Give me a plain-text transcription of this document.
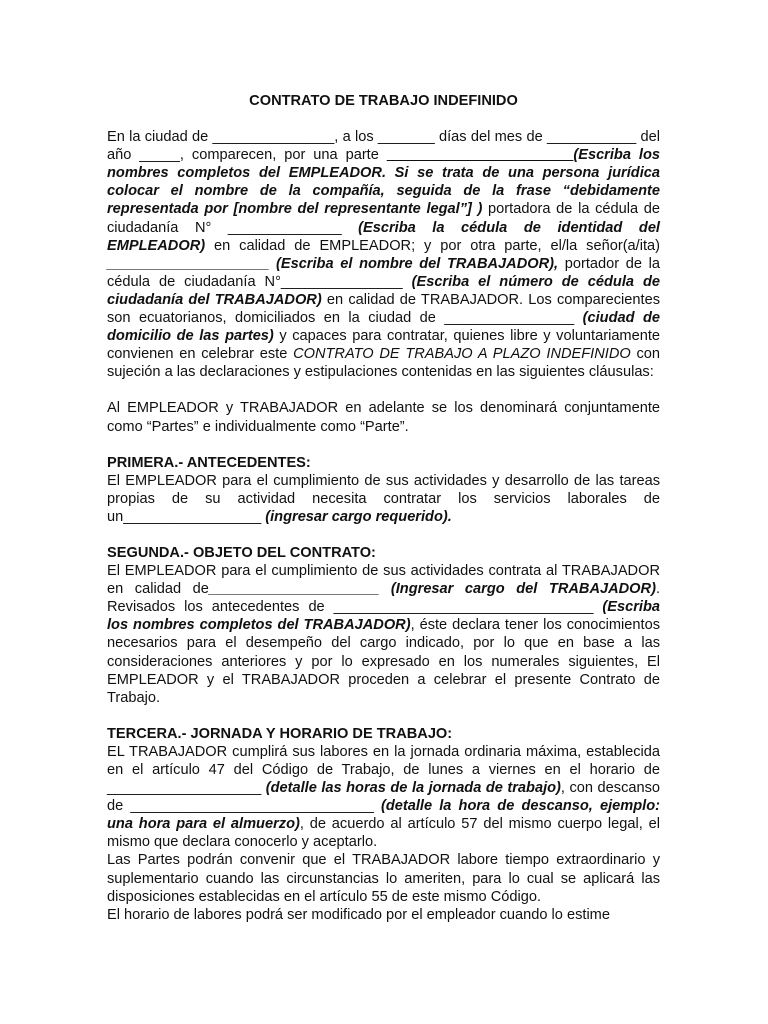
CONTRATO DE TRABAJO INDEFINIDO

En la ciudad de _______________, a los _______ días del mes de ___________ del año _____, comparecen, por una parte ______________________ (Escriba los nombres completos del EMPLEADOR. Si se trata de una persona jurídica colocar el nombre de la compañía, seguida de la frase “debidamente representada por [nombre del representante legal”] ) portadora de la cédula de ciudadanía N° ______________ (Escriba la cédula de identidad del EMPLEADOR) en calidad de EMPLEADOR; y por otra parte, el/la señor(a/ita) ____________________ (Escriba el nombre del TRABAJADOR), portador de la cédula de ciudadanía N°_______________ (Escriba el número de cédula de ciudadanía del TRABAJADOR) en calidad de TRABAJADOR. Los comparecientes son ecuatorianos, domiciliados en la ciudad de ________________ (ciudad de domicilio de las partes) y capaces para contratar, quienes libre y voluntariamente convienen en celebrar este CONTRATO DE TRABAJO A PLAZO INDEFINIDO con sujeción a las declaraciones y estipulaciones contenidas en las siguientes cláusulas:

Al EMPLEADOR y TRABAJADOR en adelante se los denominará conjuntamente como “Partes” e individualmente como “Parte”.

PRIMERA.- ANTECEDENTES:

El EMPLEADOR para el cumplimiento de sus actividades y desarrollo de las tareas propias de su actividad necesita contratar los servicios laborales de un_________________ (ingresar cargo requerido).

SEGUNDA.- OBJETO DEL CONTRATO:

El EMPLEADOR para el cumplimiento de sus actividades contrata al TRABAJADOR en calidad de_____________________ (Ingresar cargo del TRABAJADOR). Revisados los antecedentes de ________________________________ (Escriba los nombres completos del TRABAJADOR), éste declara tener los conocimientos necesarios para el desempeño del cargo indicado, por lo que en base a las consideraciones anteriores y por lo expresado en los numerales siguientes, El EMPLEADOR y el TRABAJADOR proceden a celebrar el presente Contrato de Trabajo.

TERCERA.- JORNADA Y HORARIO DE TRABAJO:

EL TRABAJADOR cumplirá sus labores en la jornada ordinaria máxima, establecida en el artículo 47 del Código de Trabajo, de lunes a viernes en el horario de ___________________ (detalle las horas de la jornada de trabajo), con descanso de ______________________________ (detalle la hora de descanso, ejemplo: una hora para el almuerzo), de acuerdo al artículo 57 del mismo cuerpo legal, el mismo que declara conocerlo y aceptarlo.

Las Partes podrán convenir que el TRABAJADOR labore tiempo extraordinario y suplementario cuando las circunstancias lo ameriten, para lo cual se aplicará las disposiciones establecidas en el artículo 55 de este mismo Código.

El horario de labores podrá ser modificado por el empleador cuando lo estime
